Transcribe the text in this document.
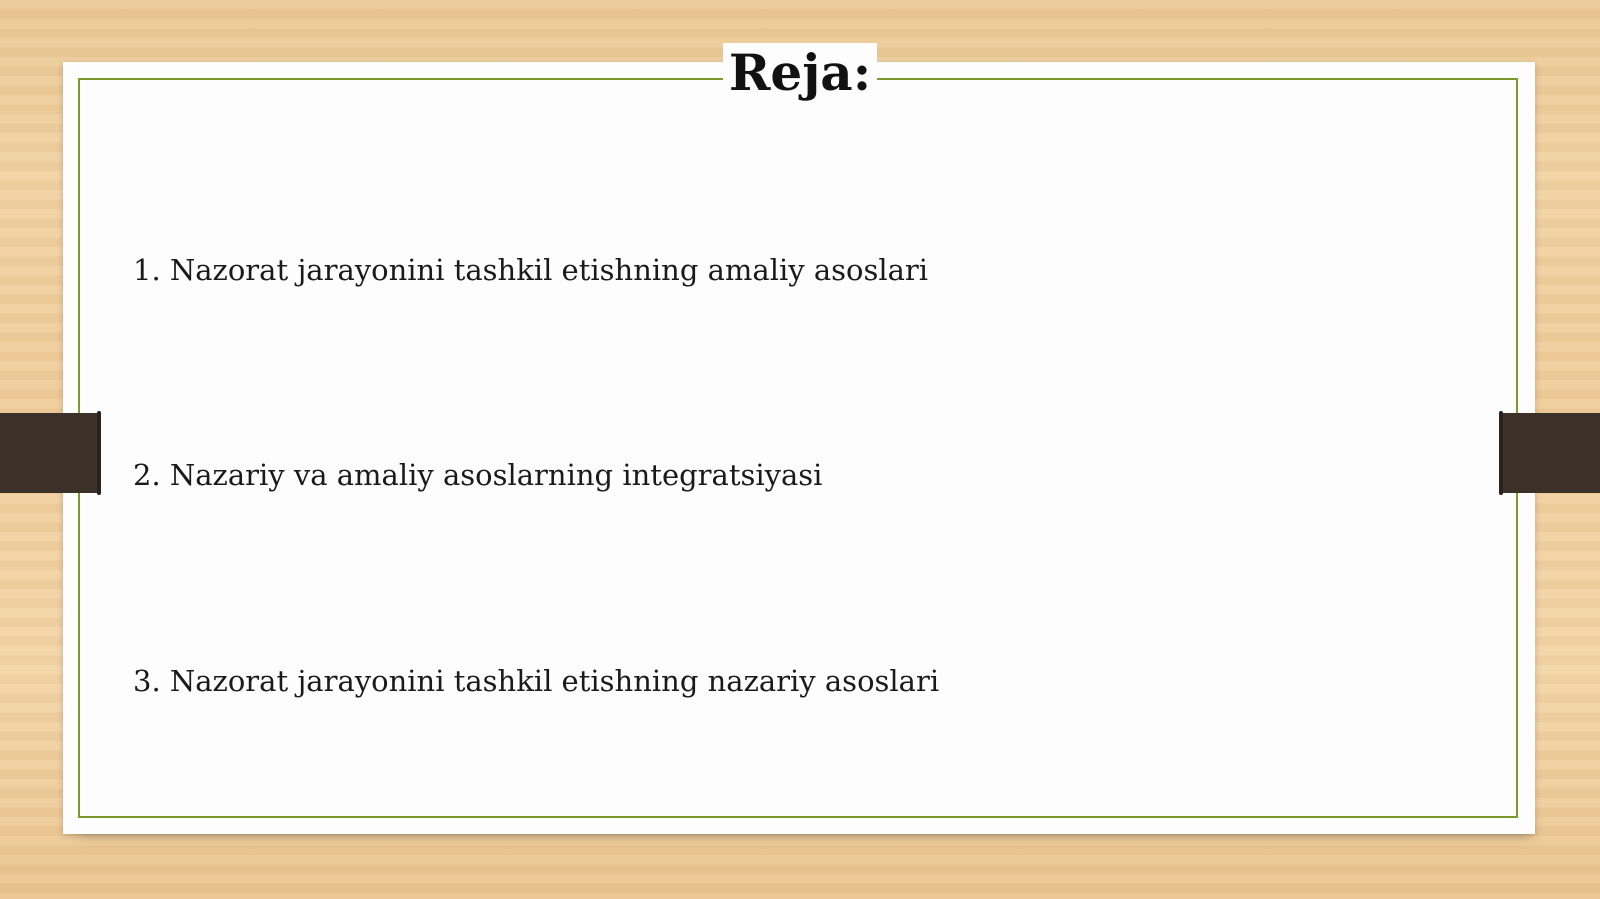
Reja:
1. Nazorat jarayonini tashkil etishning amaliy asoslari
2. Nazariy va amaliy asoslarning integratsiyasi
3. Nazorat jarayonini tashkil etishning nazariy asoslari
